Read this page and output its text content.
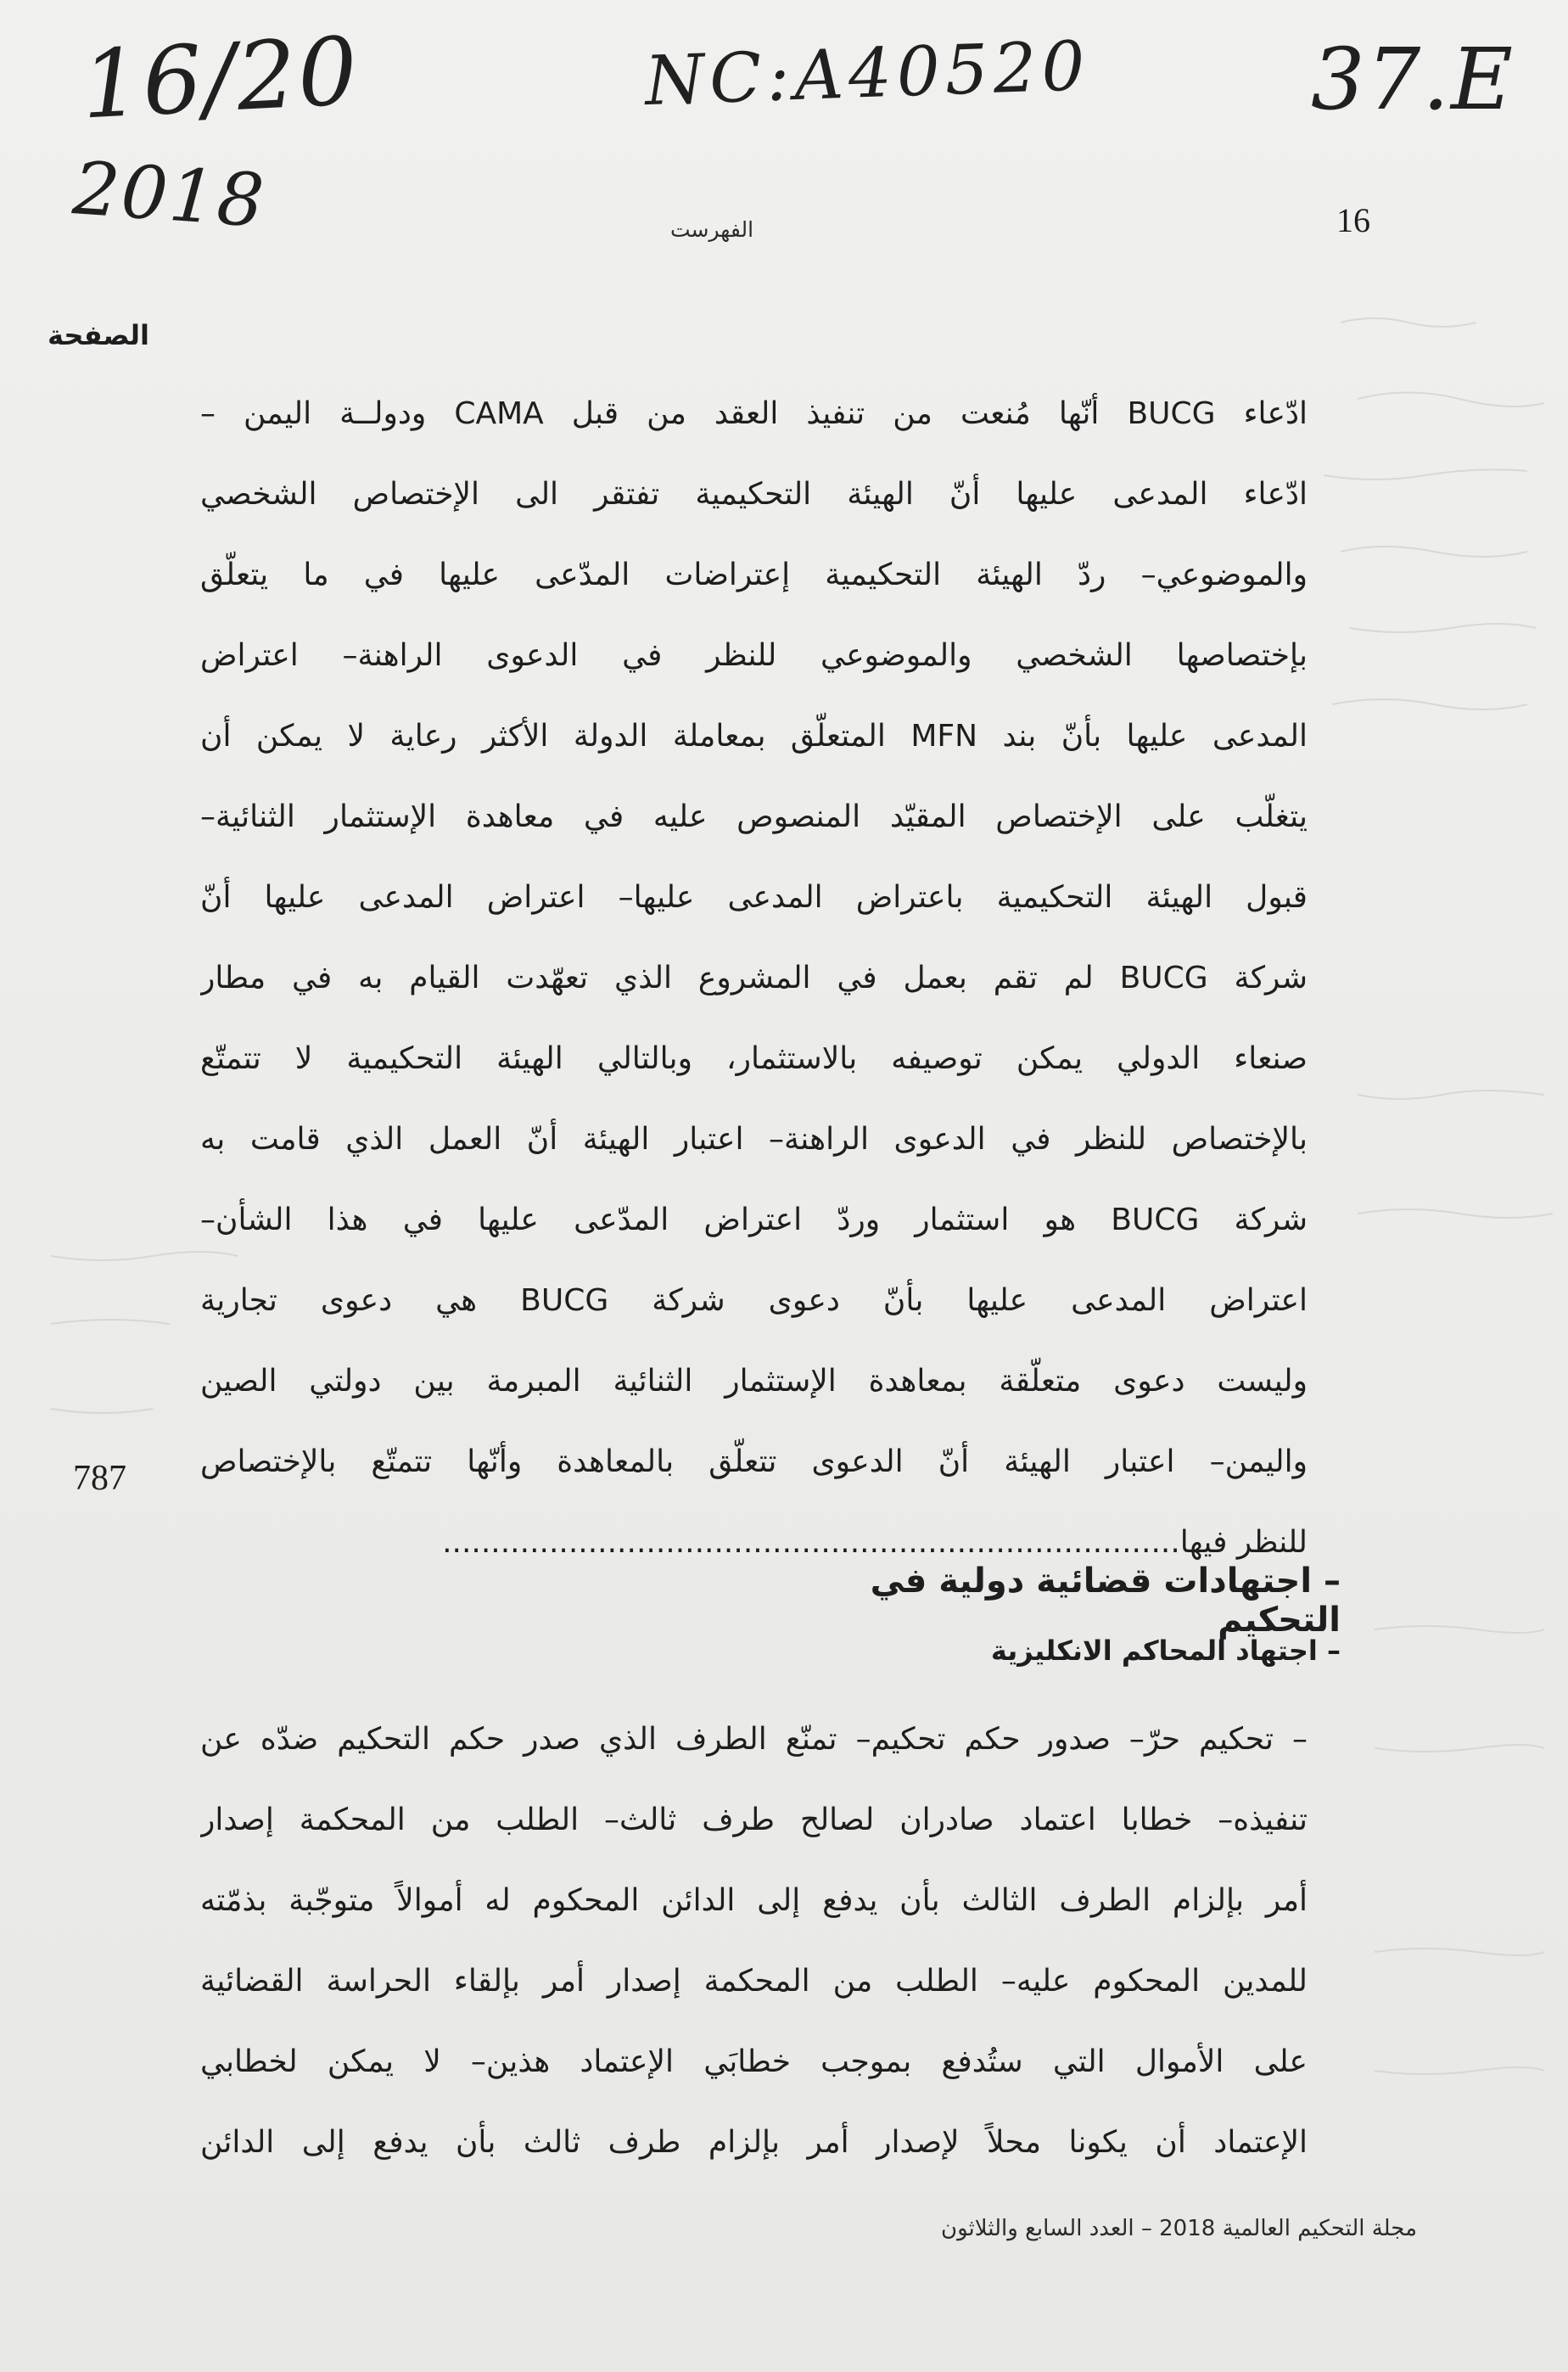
16/20
2018
NC:A40520	37.E
الفهرست	16
الصفحة
ادّعاء BUCG أنّها مُنعت من تنفيذ العقد من قبل CAMA ودولــة اليمن –
ادّعاء المدعى عليها أنّ الهيئة التحكيمية تفتقر الى الإختصاص الشخصي
والموضوعي– ردّ الهيئة التحكيمية إعتراضات المدّعى عليها في ما يتعلّق
بإختصاصها الشخصي والموضوعي للنظر في الدعوى الراهنة– اعتراض
المدعى عليها بأنّ بند MFN المتعلّق بمعاملة الدولة الأكثر رعاية لا يمكن أن
يتغلّب على الإختصاص المقيّد المنصوص عليه في معاهدة الإستثمار الثنائية–
قبول الهيئة التحكيمية باعتراض المدعى عليها– اعتراض المدعى عليها أنّ
شركة BUCG لم تقم بعمل في المشروع الذي تعهّدت القيام به في مطار
صنعاء الدولي يمكن توصيفه بالاستثمار، وبالتالي الهيئة التحكيمية لا تتمتّع
بالإختصاص للنظر في الدعوى الراهنة– اعتبار الهيئة أنّ العمل الذي قامت به
شركة BUCG هو استثمار وردّ اعتراض المدّعى عليها في هذا الشأن–
اعتراض المدعى عليها بأنّ دعوى شركة BUCG هي دعوى تجارية
وليست دعوى متعلّقة بمعاهدة الإستثمار الثنائية المبرمة بين دولتي الصين
واليمن– اعتبار الهيئة أنّ الدعوى تتعلّق بالمعاهدة وأنّها تتمتّع بالإختصاص
للنظر فيها............................................................................
787
– اجتهادات قضائية دولية في التحكيم
– اجتهاد المحاكم الانكليزية
– تحكيم حرّ– صدور حكم تحكيم– تمنّع الطرف الذي صدر حكم التحكيم ضدّه عن
تنفيذه– خطابا اعتماد صادران لصالح طرف ثالث– الطلب من المحكمة إصدار
أمر بإلزام الطرف الثالث بأن يدفع إلى الدائن المحكوم له أموالاً متوجّبة بذمّته
للمدين المحكوم عليه– الطلب من المحكمة إصدار أمر بإلقاء الحراسة القضائية
على الأموال التي ستُدفع بموجب خطابَي الإعتماد هذين– لا يمكن لخطابي
الإعتماد أن يكونا محلاً لإصدار أمر بإلزام طرف ثالث بأن يدفع إلى الدائن
مجلة التحكيم العالمية 2018 – العدد السابع والثلاثون
